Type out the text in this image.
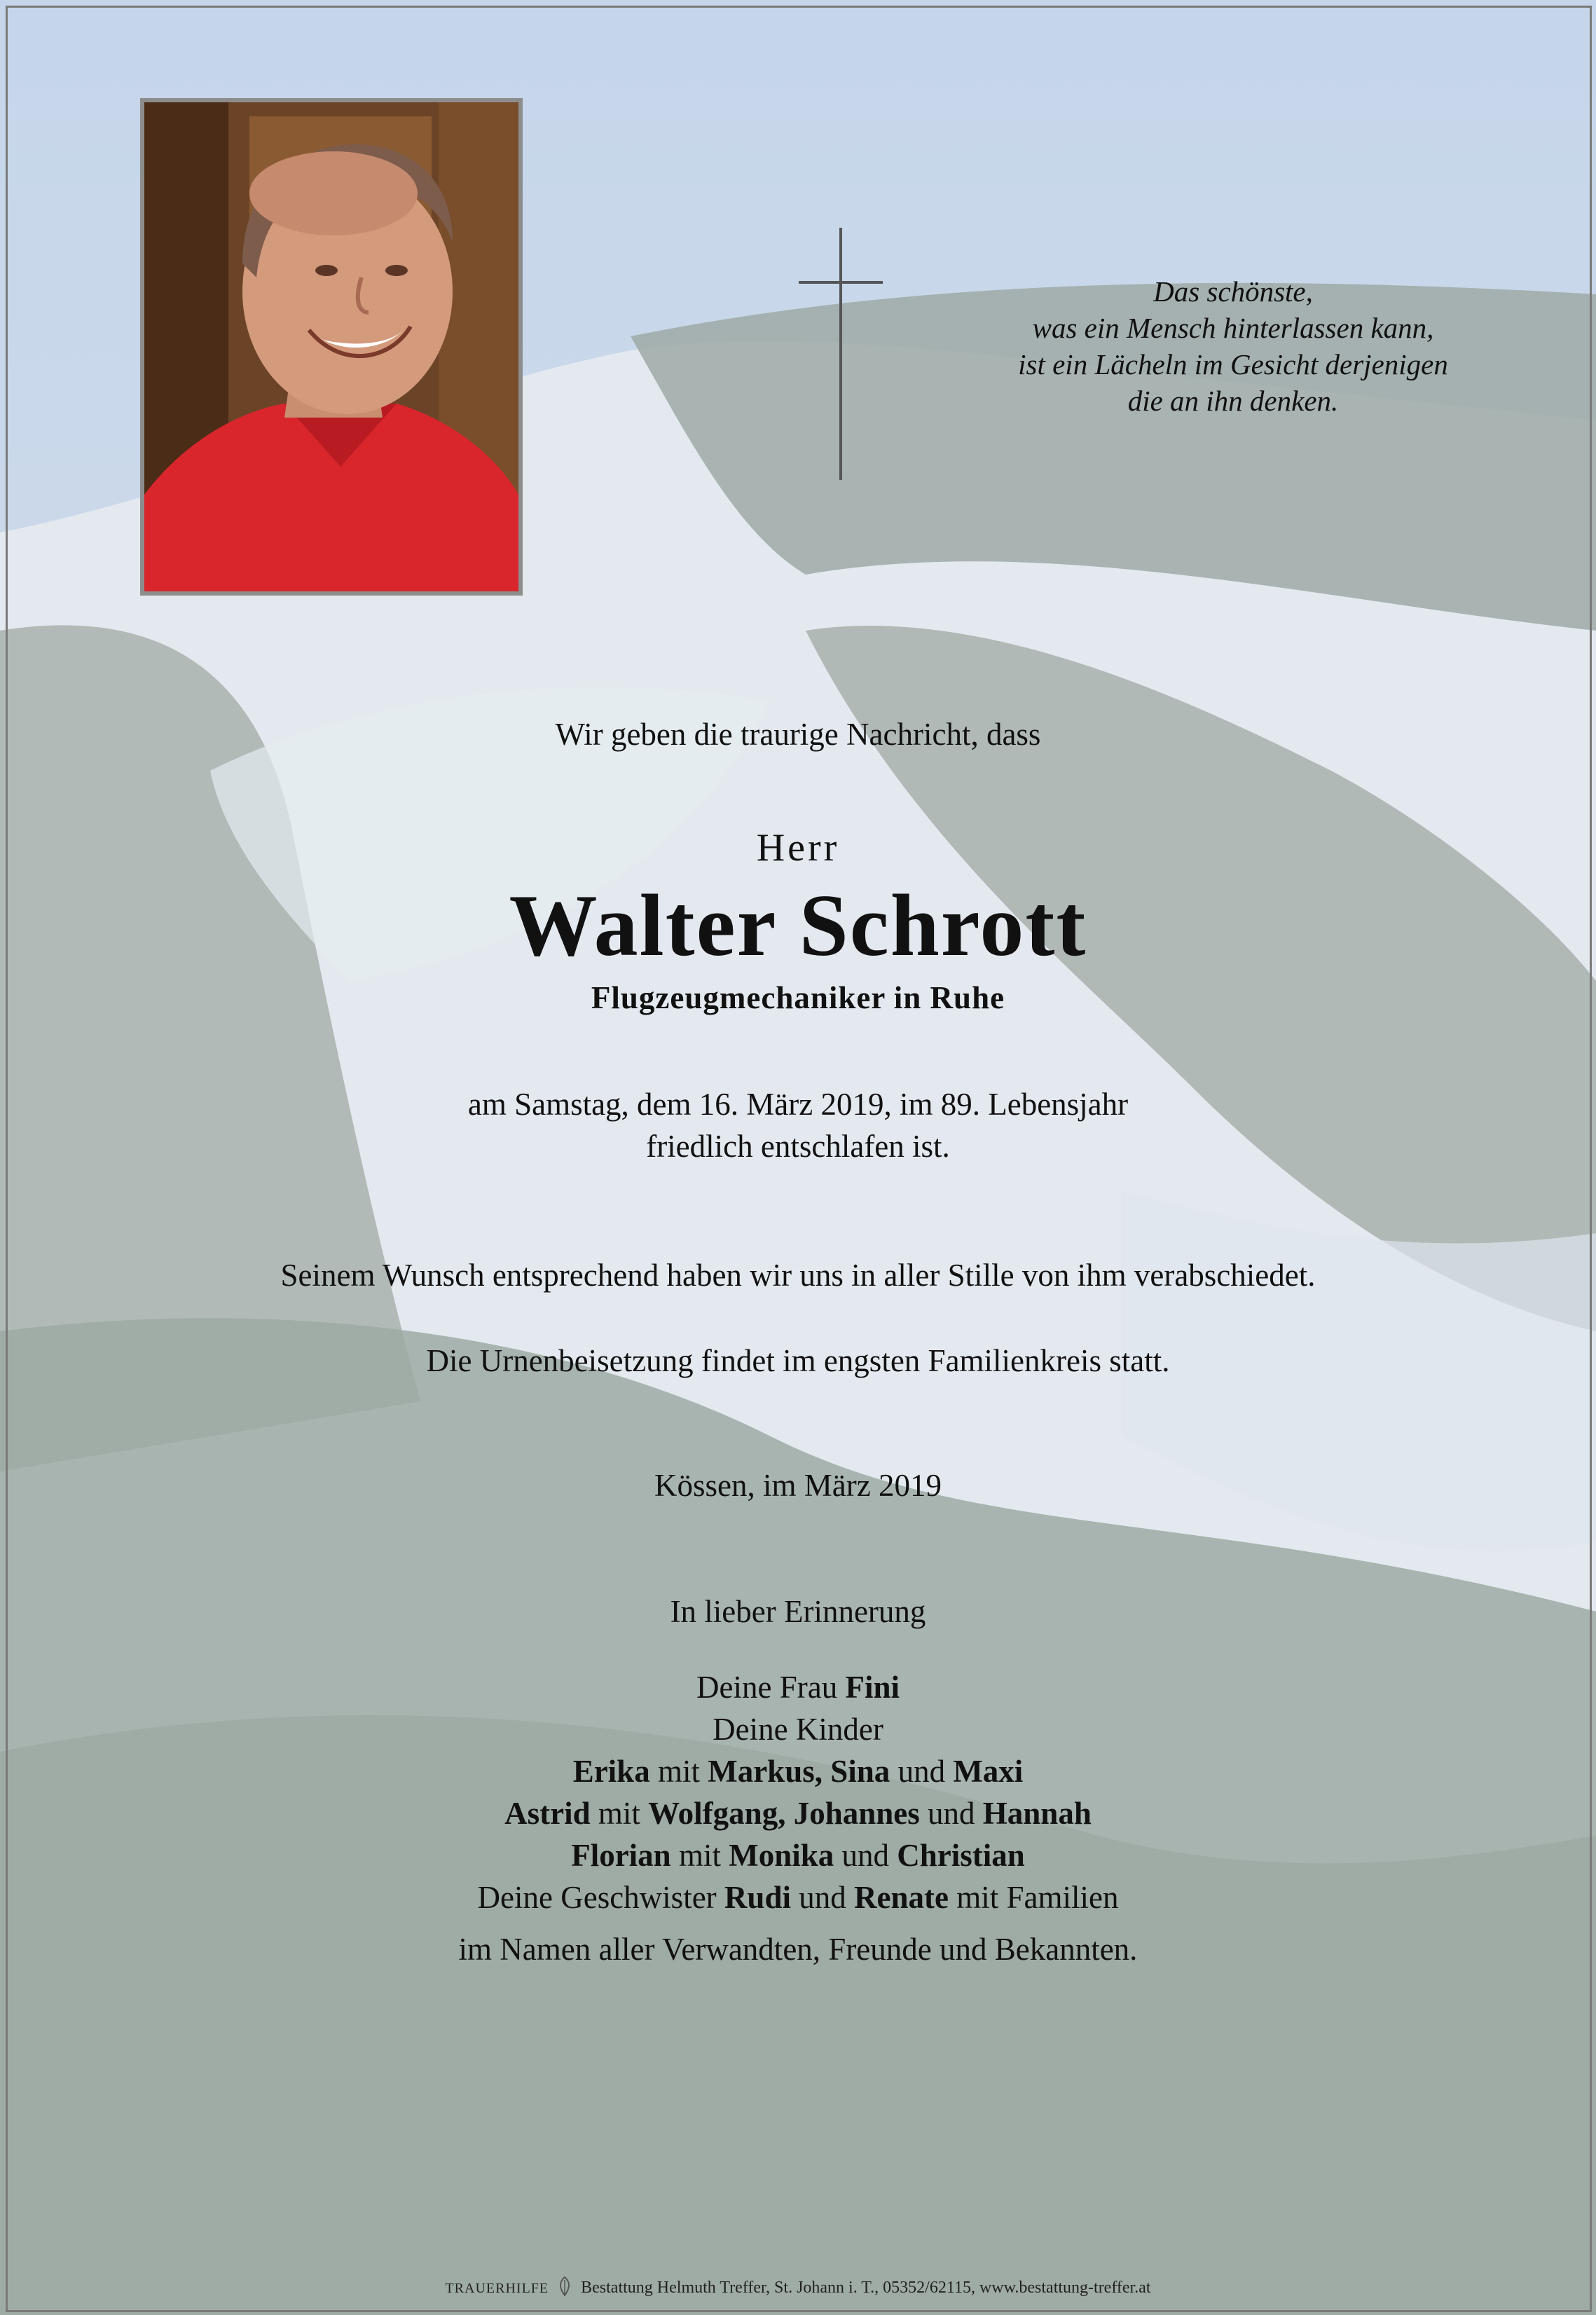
Das schönste,
was ein Mensch hinterlassen kann,
ist ein Lächeln im Gesicht derjenigen
die an ihn denken.
Wir geben die traurige Nachricht, dass
Herr
Walter Schrott
Flugzeugmechaniker in Ruhe
am Samstag, dem 16. März 2019, im 89. Lebensjahr
friedlich entschlafen ist.
Seinem Wunsch entsprechend haben wir uns in aller Stille von ihm verabschiedet.
Die Urnenbeisetzung findet im engsten Familienkreis statt.
Kössen, im März 2019
In lieber Erinnerung
Deine Frau Fini
Deine Kinder
Erika mit Markus, Sina und Maxi
Astrid mit Wolfgang, Johannes und Hannah
Florian mit Monika und Christian
Deine Geschwister Rudi und Renate mit Familien
im Namen aller Verwandten, Freunde und Bekannten.
TRAUERHILFE Bestattung Helmuth Treffer, St. Johann i. T., 05352/62115, www.bestattung-treffer.at
